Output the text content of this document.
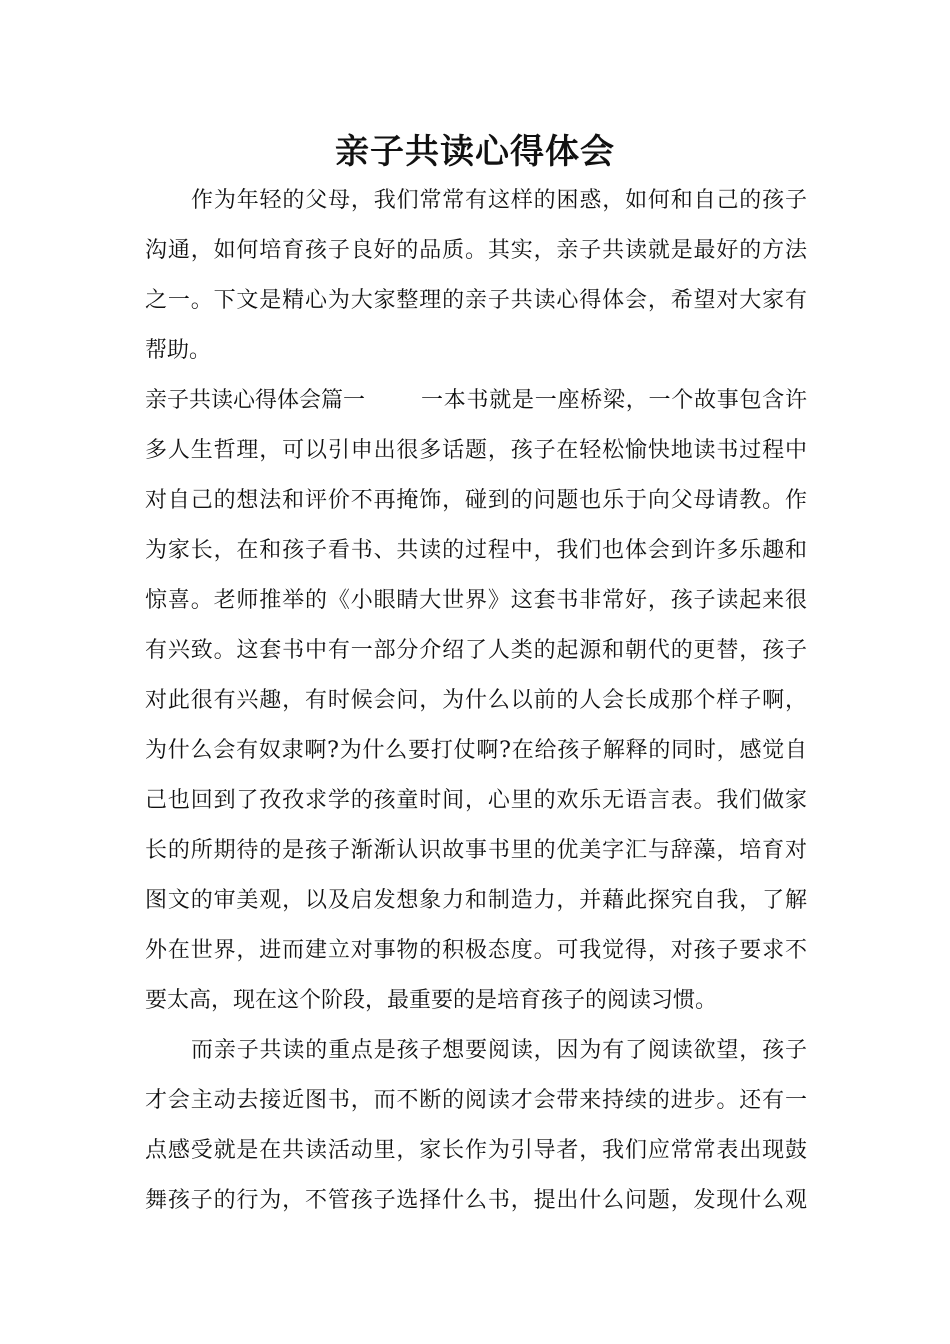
亲子共读心得体会
作为年轻的父母，我们常常有这样的困惑，如何和自己的孩子
沟通，如何培育孩子良好的品质。其实，亲子共读就是最好的方法
之一。下文是精心为大家整理的亲子共读心得体会，希望对大家有
帮助。
亲子共读心得体会篇一	一本书就是一座桥梁，一个故事包含许
多人生哲理，可以引申出很多话题，孩子在轻松愉快地读书过程中
对自己的想法和评价不再掩饰，碰到的问题也乐于向父母请教。作
为家长，在和孩子看书、共读的过程中，我们也体会到许多乐趣和
惊喜。老师推举的《小眼睛大世界》这套书非常好，孩子读起来很
有兴致。这套书中有一部分介绍了人类的起源和朝代的更替，孩子
对此很有兴趣，有时候会问，为什么以前的人会长成那个样子啊，
为什么会有奴隶啊?为什么要打仗啊?在给孩子解释的同时，感觉自
己也回到了孜孜求学的孩童时间，心里的欢乐无语言表。我们做家
长的所期待的是孩子渐渐认识故事书里的优美字汇与辞藻，培育对
图文的审美观，以及启发想象力和制造力，并藉此探究自我，了解
外在世界，进而建立对事物的积极态度。可我觉得，对孩子要求不
要太高，现在这个阶段，最重要的是培育孩子的阅读习惯。
而亲子共读的重点是孩子想要阅读，因为有了阅读欲望，孩子
才会主动去接近图书，而不断的阅读才会带来持续的进步。还有一
点感受就是在共读活动里，家长作为引导者，我们应常常表出现鼓
舞孩子的行为，不管孩子选择什么书，提出什么问题，发现什么观
